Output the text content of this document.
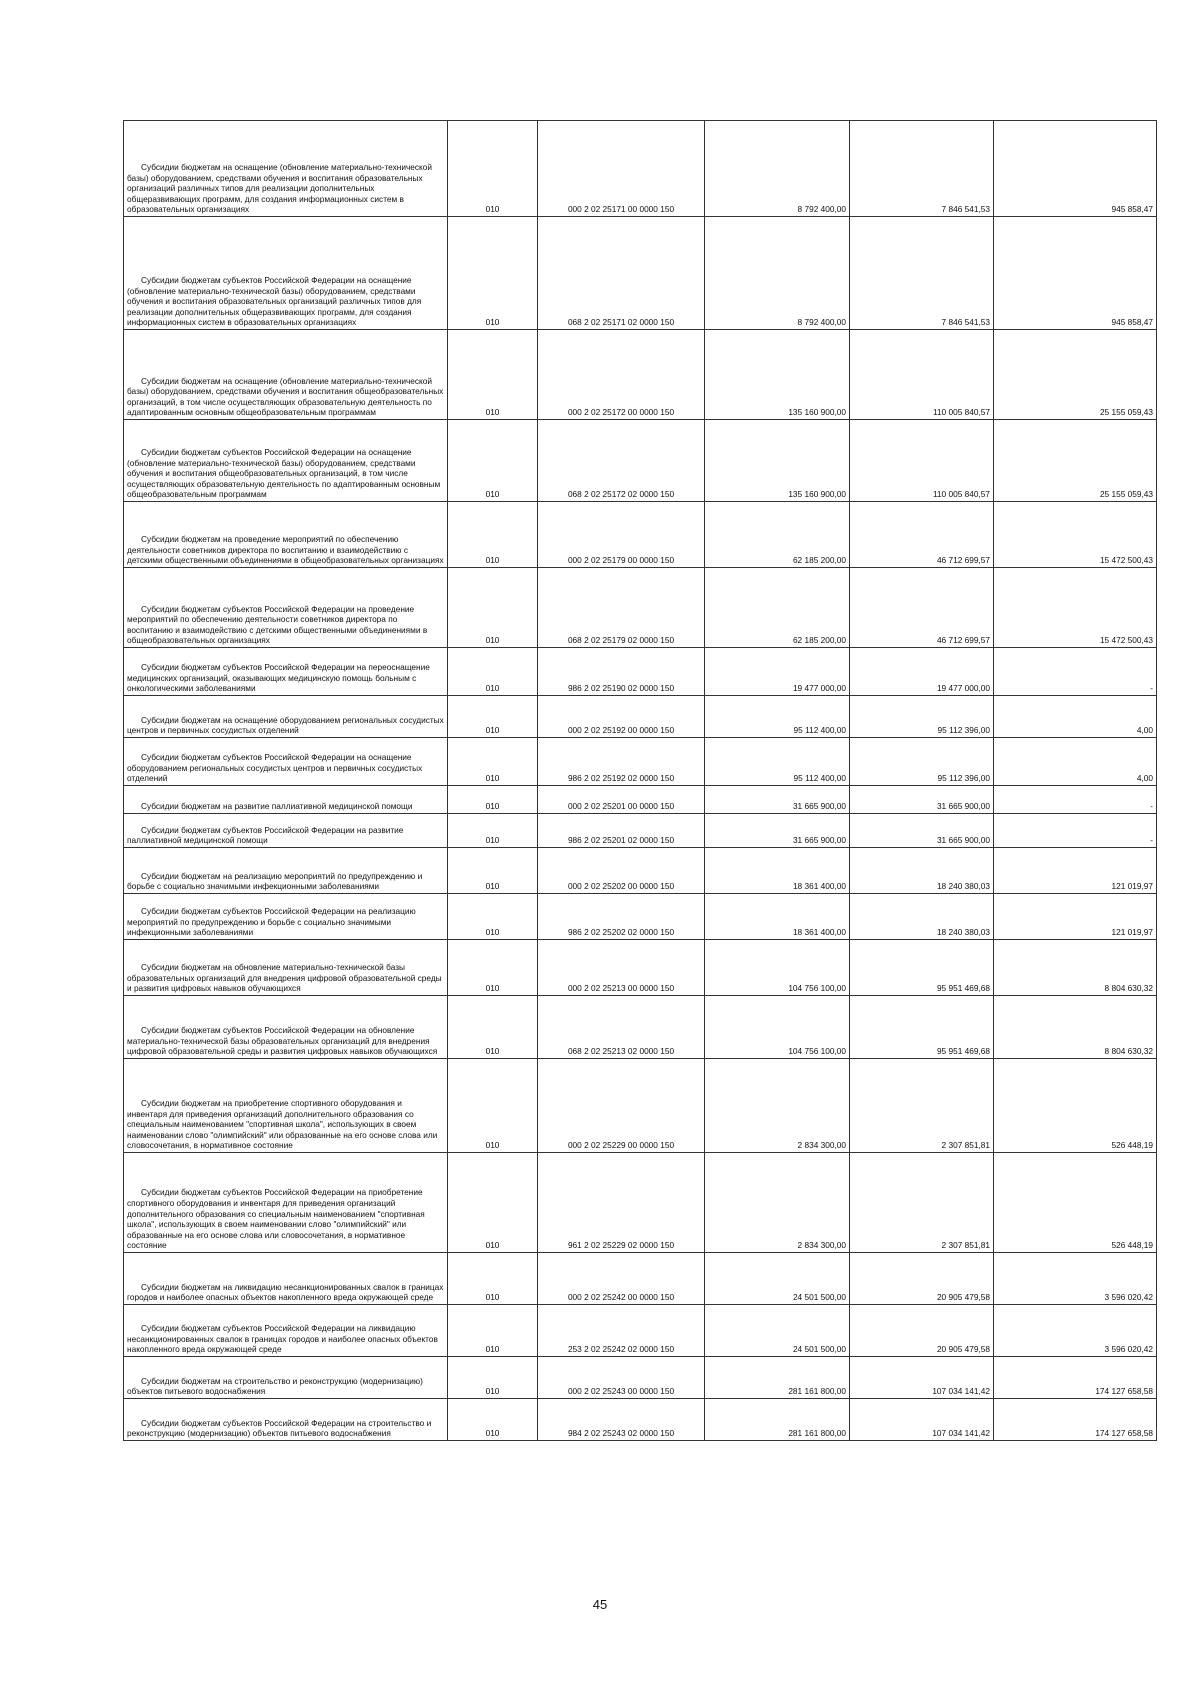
Субсидии бюджетам на оснащение (обновление материально-технической базы) оборудованием, средствами обучения и воспитания образовательных организаций различных типов для реализации дополнительных общеразвивающих программ, для создания информационных систем в образовательных организациях	010	000 2 02 25171 00 0000 150	8 792 400,00	7 846 541,53	945 858,47
Субсидии бюджетам субъектов Российской Федерации на оснащение (обновление материально-технической базы) оборудованием, средствами обучения и воспитания образовательных организаций различных типов для реализации дополнительных общеразвивающих программ, для создания информационных систем в образовательных организациях	010	068 2 02 25171 02 0000 150	8 792 400,00	7 846 541,53	945 858,47
Субсидии бюджетам на оснащение (обновление материально-технической базы) оборудованием, средствами обучения и воспитания общеобразовательных организаций, в том числе осуществляющих образовательную деятельность по адаптированным основным общеобразовательным программам	010	000 2 02 25172 00 0000 150	135 160 900,00	110 005 840,57	25 155 059,43
Субсидии бюджетам субъектов Российской Федерации на оснащение (обновление материально-технической базы) оборудованием, средствами обучения и воспитания общеобразовательных организаций, в том числе осуществляющих образовательную деятельность по адаптированным основным общеобразовательным программам	010	068 2 02 25172 02 0000 150	135 160 900,00	110 005 840,57	25 155 059,43
Субсидии бюджетам на проведение мероприятий по обеспечению деятельности советников директора по воспитанию и взаимодействию с детскими общественными объединениями в общеобразовательных организациях	010	000 2 02 25179 00 0000 150	62 185 200,00	46 712 699,57	15 472 500,43
Субсидии бюджетам субъектов Российской Федерации на проведение мероприятий по обеспечению деятельности советников директора по воспитанию и взаимодействию с детскими общественными объединениями в общеобразовательных организациях	010	068 2 02 25179 02 0000 150	62 185 200,00	46 712 699,57	15 472 500,43
Субсидии бюджетам субъектов Российской Федерации на переоснащение медицинских организаций, оказывающих медицинскую помощь больным с онкологическими заболеваниями	010	986 2 02 25190 02 0000 150	19 477 000,00	19 477 000,00	-
Субсидии бюджетам на оснащение оборудованием региональных сосудистых центров и первичных сосудистых отделений	010	000 2 02 25192 00 0000 150	95 112 400,00	95 112 396,00	4,00
Субсидии бюджетам субъектов Российской Федерации на оснащение оборудованием региональных сосудистых центров и первичных сосудистых отделений	010	986 2 02 25192 02 0000 150	95 112 400,00	95 112 396,00	4,00
Субсидии бюджетам на развитие паллиативной медицинской помощи	010	000 2 02 25201 00 0000 150	31 665 900,00	31 665 900,00	-
Субсидии бюджетам субъектов Российской Федерации на развитие паллиативной медицинской помощи	010	986 2 02 25201 02 0000 150	31 665 900,00	31 665 900,00	-
Субсидии бюджетам на реализацию мероприятий по предупреждению и борьбе с социально значимыми инфекционными заболеваниями	010	000 2 02 25202 00 0000 150	18 361 400,00	18 240 380,03	121 019,97
Субсидии бюджетам субъектов Российской Федерации на реализацию мероприятий по предупреждению и борьбе с социально значимыми инфекционными заболеваниями	010	986 2 02 25202 02 0000 150	18 361 400,00	18 240 380,03	121 019,97
Субсидии бюджетам на обновление материально-технической базы образовательных организаций для внедрения цифровой образовательной среды и развития цифровых навыков обучающихся	010	000 2 02 25213 00 0000 150	104 756 100,00	95 951 469,68	8 804 630,32
Субсидии бюджетам субъектов Российской Федерации на обновление материально-технической базы образовательных организаций для внедрения цифровой образовательной среды и развития цифровых навыков обучающихся	010	068 2 02 25213 02 0000 150	104 756 100,00	95 951 469,68	8 804 630,32
Субсидии бюджетам на приобретение спортивного оборудования и инвентаря для приведения организаций дополнительного образования со специальным наименованием "спортивная школа", использующих в своем наименовании слово "олимпийский" или образованные на его основе слова или словосочетания, в нормативное состояние	010	000 2 02 25229 00 0000 150	2 834 300,00	2 307 851,81	526 448,19
Субсидии бюджетам субъектов Российской Федерации на приобретение спортивного оборудования и инвентаря для приведения организаций дополнительного образования со специальным наименованием "спортивная школа", использующих в своем наименовании слово "олимпийский" или образованные на его основе слова или словосочетания, в нормативное состояние	010	961 2 02 25229 02 0000 150	2 834 300,00	2 307 851,81	526 448,19
Субсидии бюджетам на ликвидацию несанкционированных свалок в границах городов и наиболее опасных объектов накопленного вреда окружающей среде	010	000 2 02 25242 00 0000 150	24 501 500,00	20 905 479,58	3 596 020,42
Субсидии бюджетам субъектов Российской Федерации на ликвидацию несанкционированных свалок в границах городов и наиболее опасных объектов накопленного вреда окружающей среде	010	253 2 02 25242 02 0000 150	24 501 500,00	20 905 479,58	3 596 020,42
Субсидии бюджетам на строительство и реконструкцию (модернизацию) объектов питьевого водоснабжения	010	000 2 02 25243 00 0000 150	281 161 800,00	107 034 141,42	174 127 658,58
Субсидии бюджетам субъектов Российской Федерации на строительство и реконструкцию (модернизацию) объектов питьевого водоснабжения	010	984 2 02 25243 02 0000 150	281 161 800,00	107 034 141,42	174 127 658,58
45
